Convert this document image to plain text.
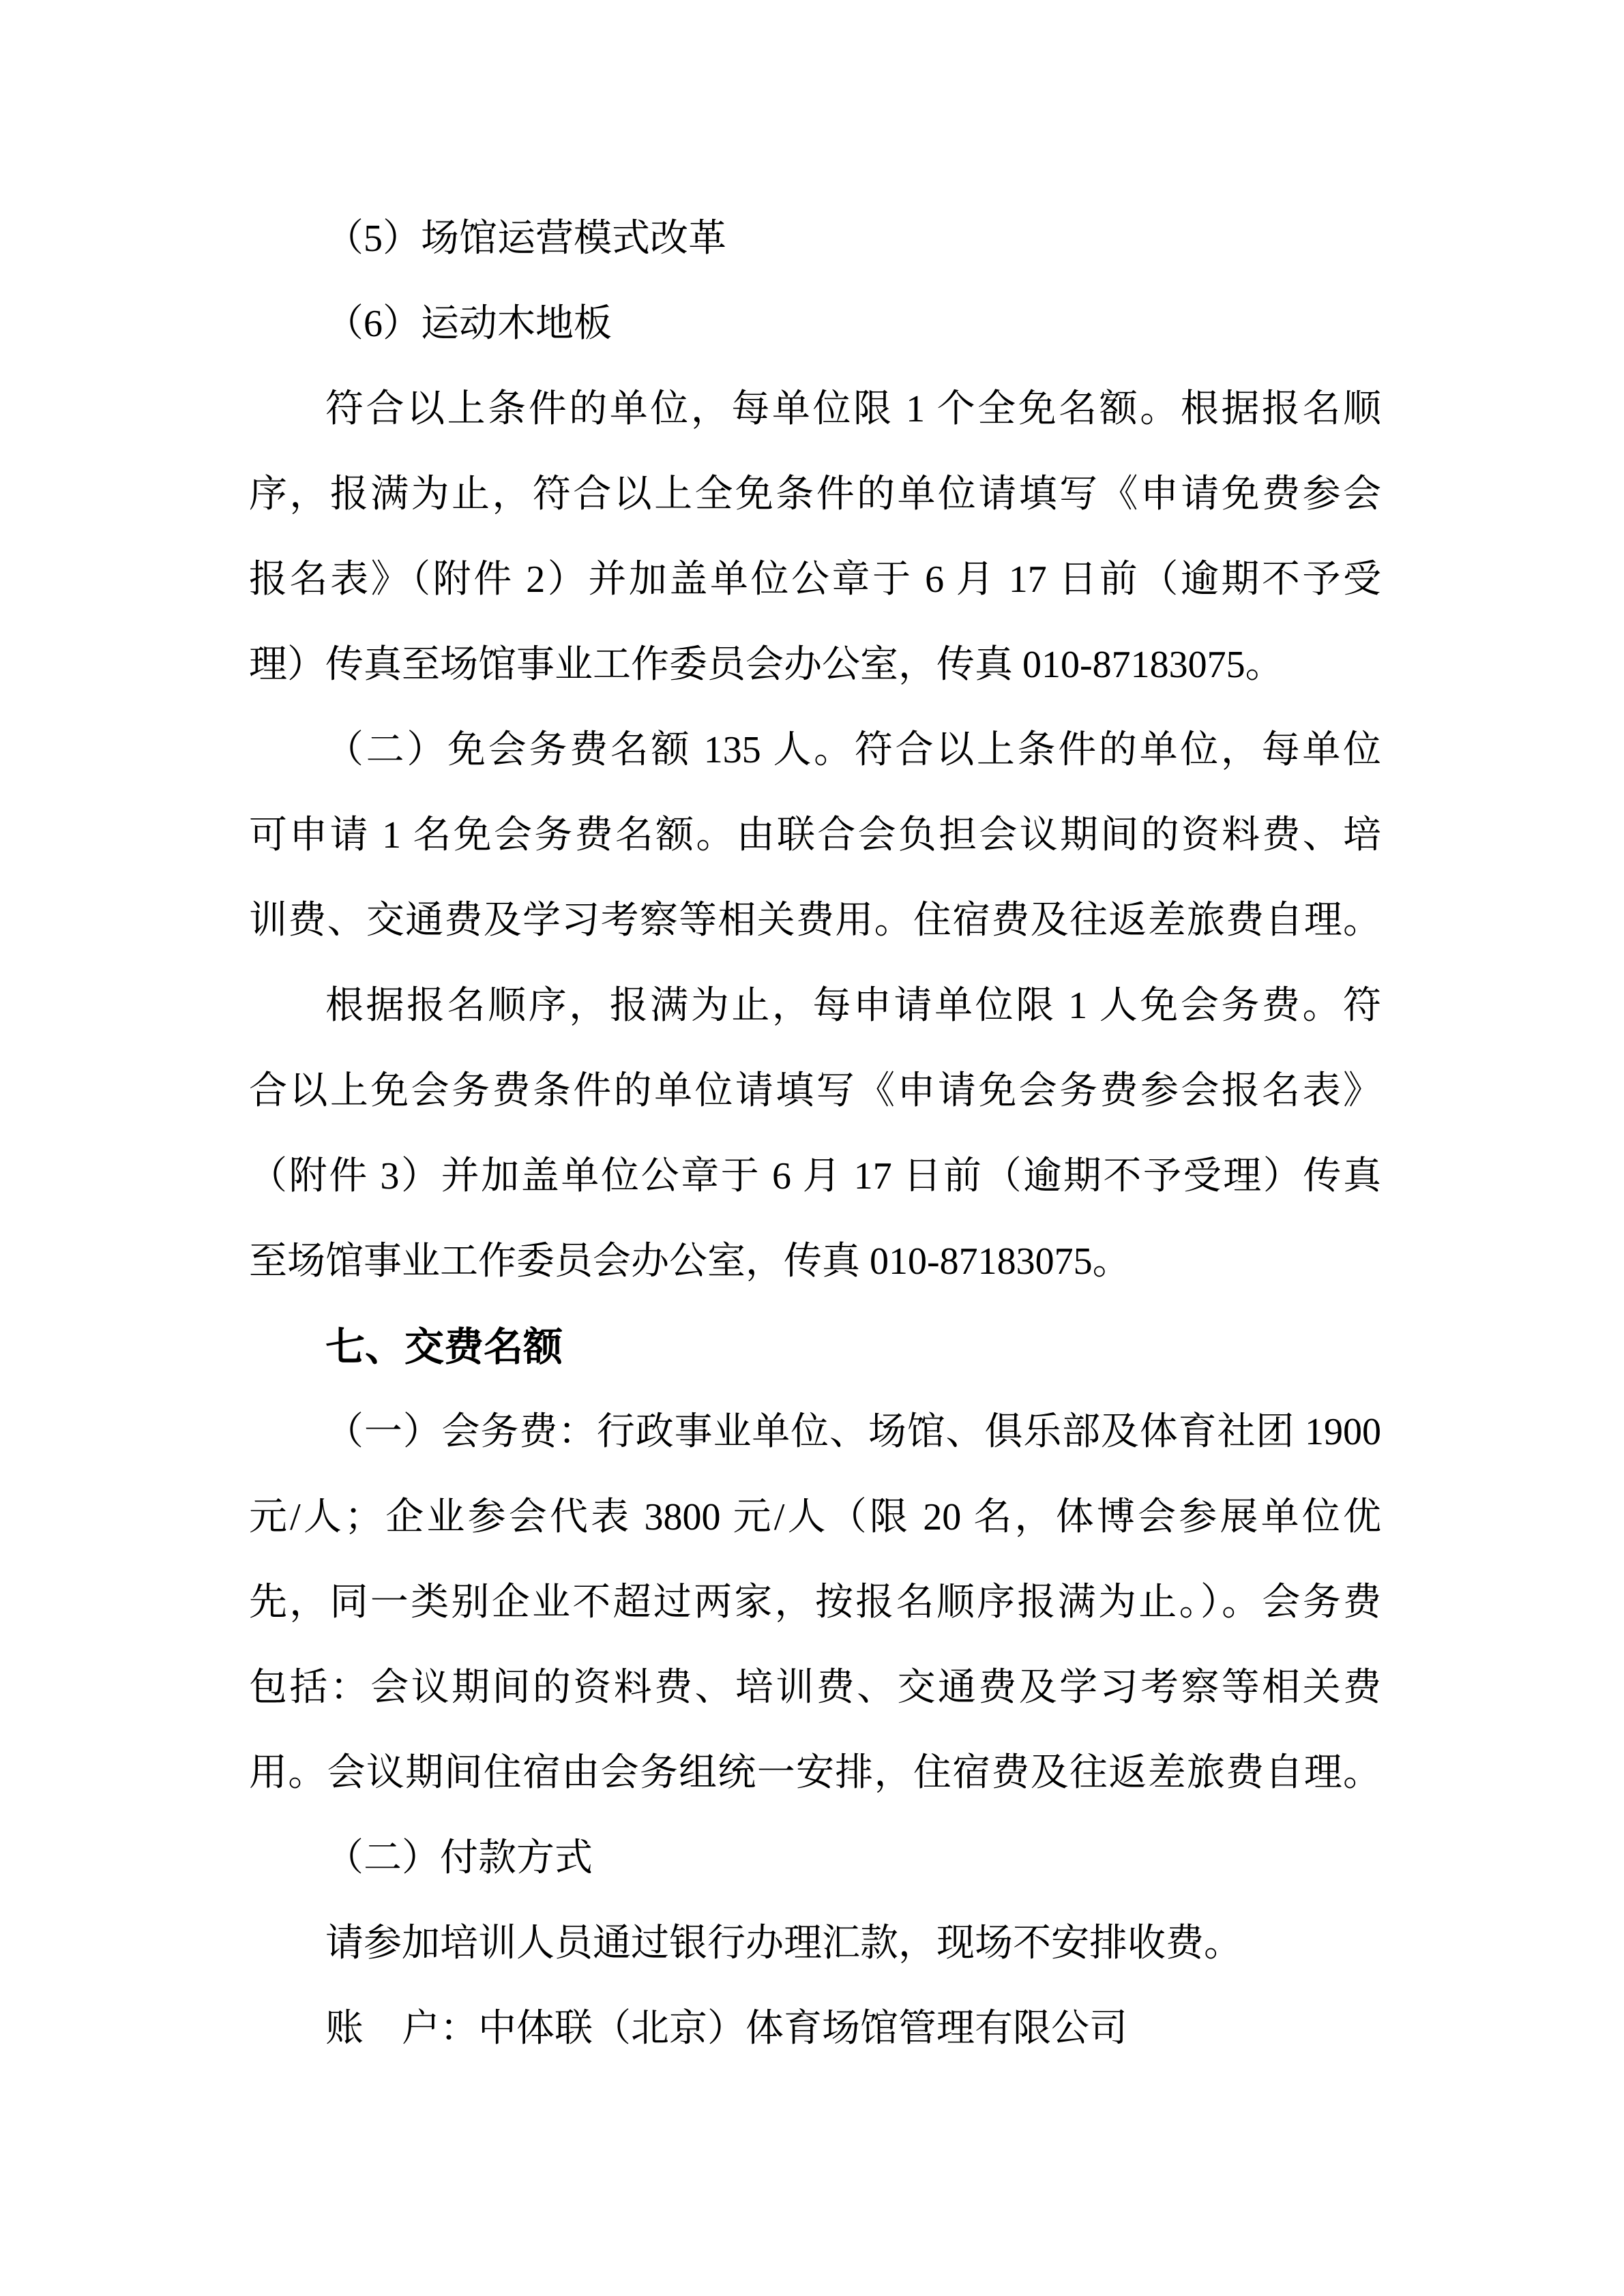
（5）场馆运营模式改革
（6）运动木地板
符合以上条件的单位，每单位限 1 个全免名额。根据报名顺
序，报满为止，符合以上全免条件的单位请填写《申请免费参会
报名表》（附件 2）并加盖单位公章于 6 月 17 日前（逾期不予受
理）传真至场馆事业工作委员会办公室，传真 010-87183075。
（二）免会务费名额 135 人。符合以上条件的单位，每单位
可申请 1 名免会务费名额。由联合会负担会议期间的资料费、培
训费、交通费及学习考察等相关费用。住宿费及往返差旅费自理。
根据报名顺序，报满为止，每申请单位限 1 人免会务费。符
合以上免会务费条件的单位请填写《申请免会务费参会报名表》
（附件 3）并加盖单位公章于 6 月 17 日前（逾期不予受理）传真
至场馆事业工作委员会办公室，传真 010-87183075。
七、交费名额
（一）会务费：行政事业单位、场馆、俱乐部及体育社团 1900
元/人；企业参会代表 3800 元/人（限 20 名，体博会参展单位优
先，同一类别企业不超过两家，按报名顺序报满为止。）。会务费
包括：会议期间的资料费、培训费、交通费及学习考察等相关费
用。会议期间住宿由会务组统一安排，住宿费及往返差旅费自理。
（二）付款方式
请参加培训人员通过银行办理汇款，现场不安排收费。
账　户：中体联（北京）体育场馆管理有限公司
